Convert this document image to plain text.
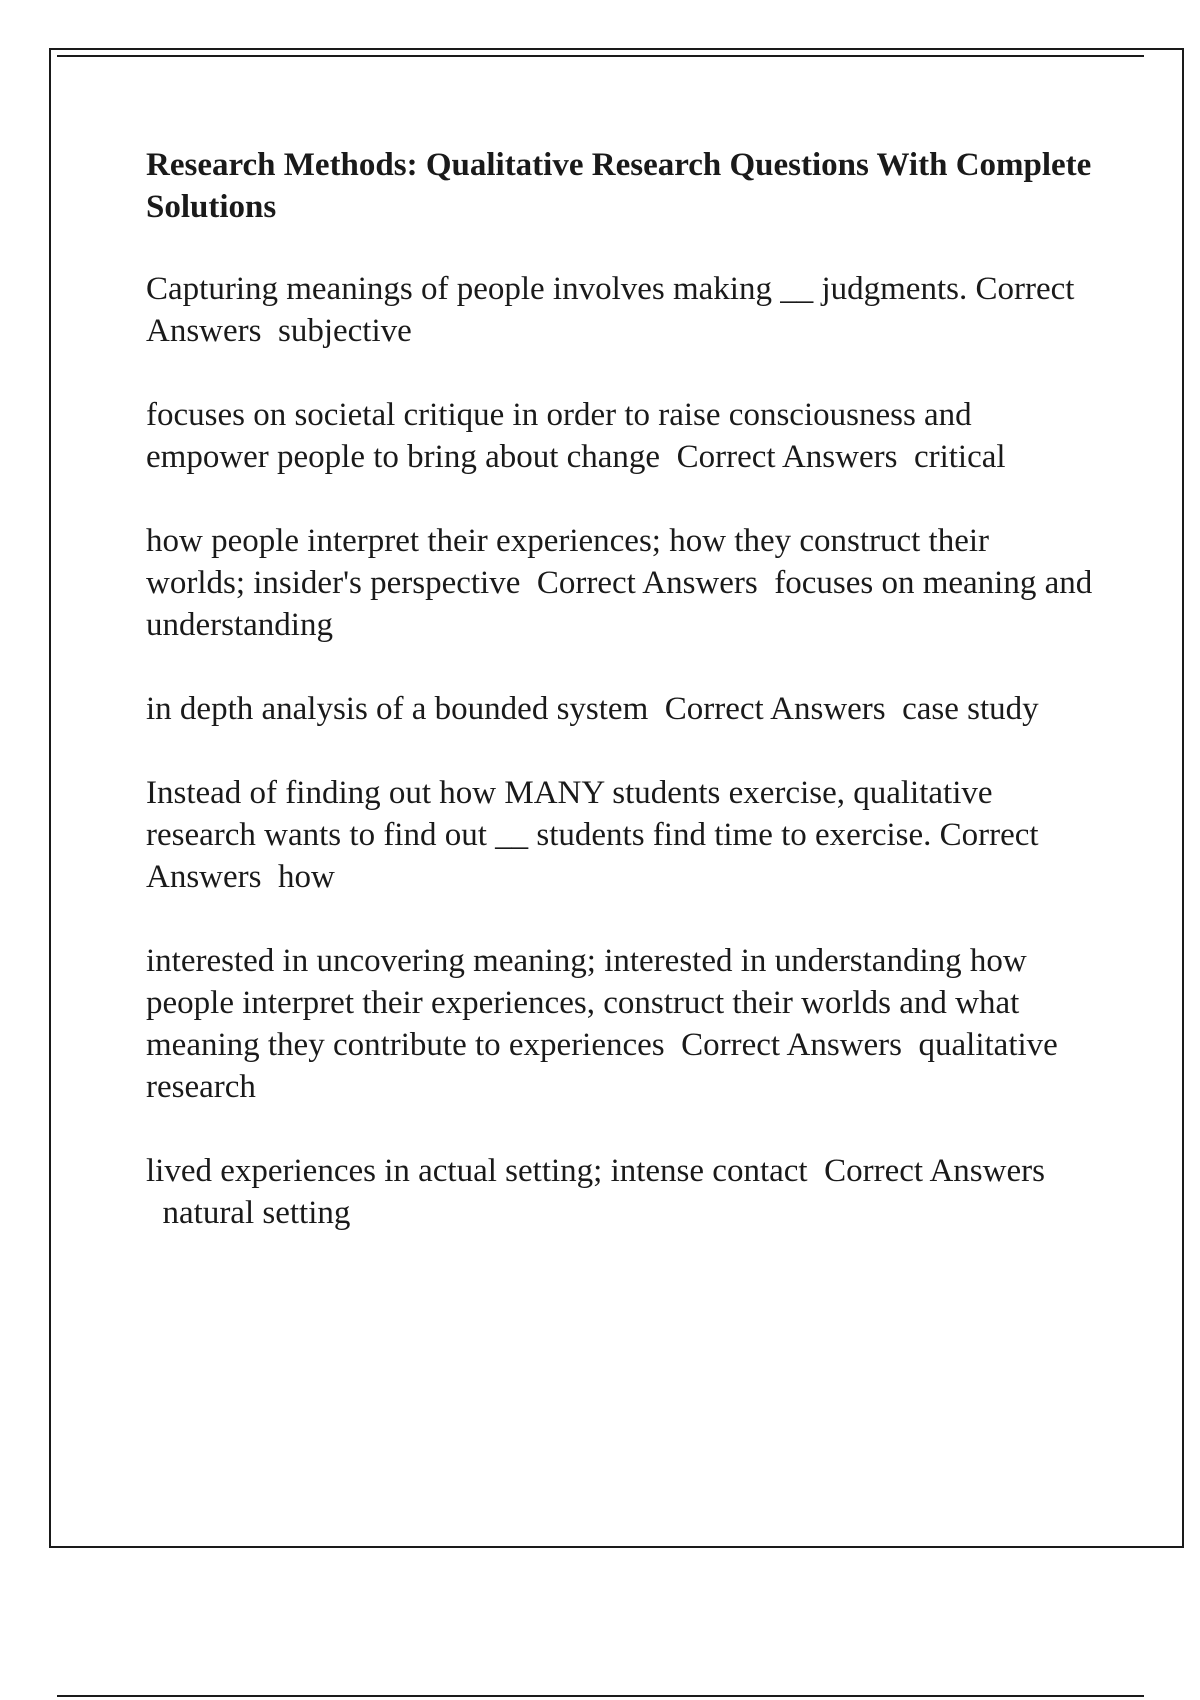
Research Methods: Qualitative Research Questions With Complete Solutions
Capturing meanings of people involves making __ judgments. Correct Answers subjective
focuses on societal critique in order to raise consciousness and empower people to bring about change Correct Answers critical
how people interpret their experiences; how they construct their worlds; insider's perspective Correct Answers focuses on meaning and understanding
in depth analysis of a bounded system Correct Answers case study
Instead of finding out how MANY students exercise, qualitative research wants to find out __ students find time to exercise. Correct Answers how
interested in uncovering meaning; interested in understanding how people interpret their experiences, construct their worlds and what meaning they contribute to experiences Correct Answers qualitative research
lived experiences in actual setting; intense contact Correct Answers  natural setting
